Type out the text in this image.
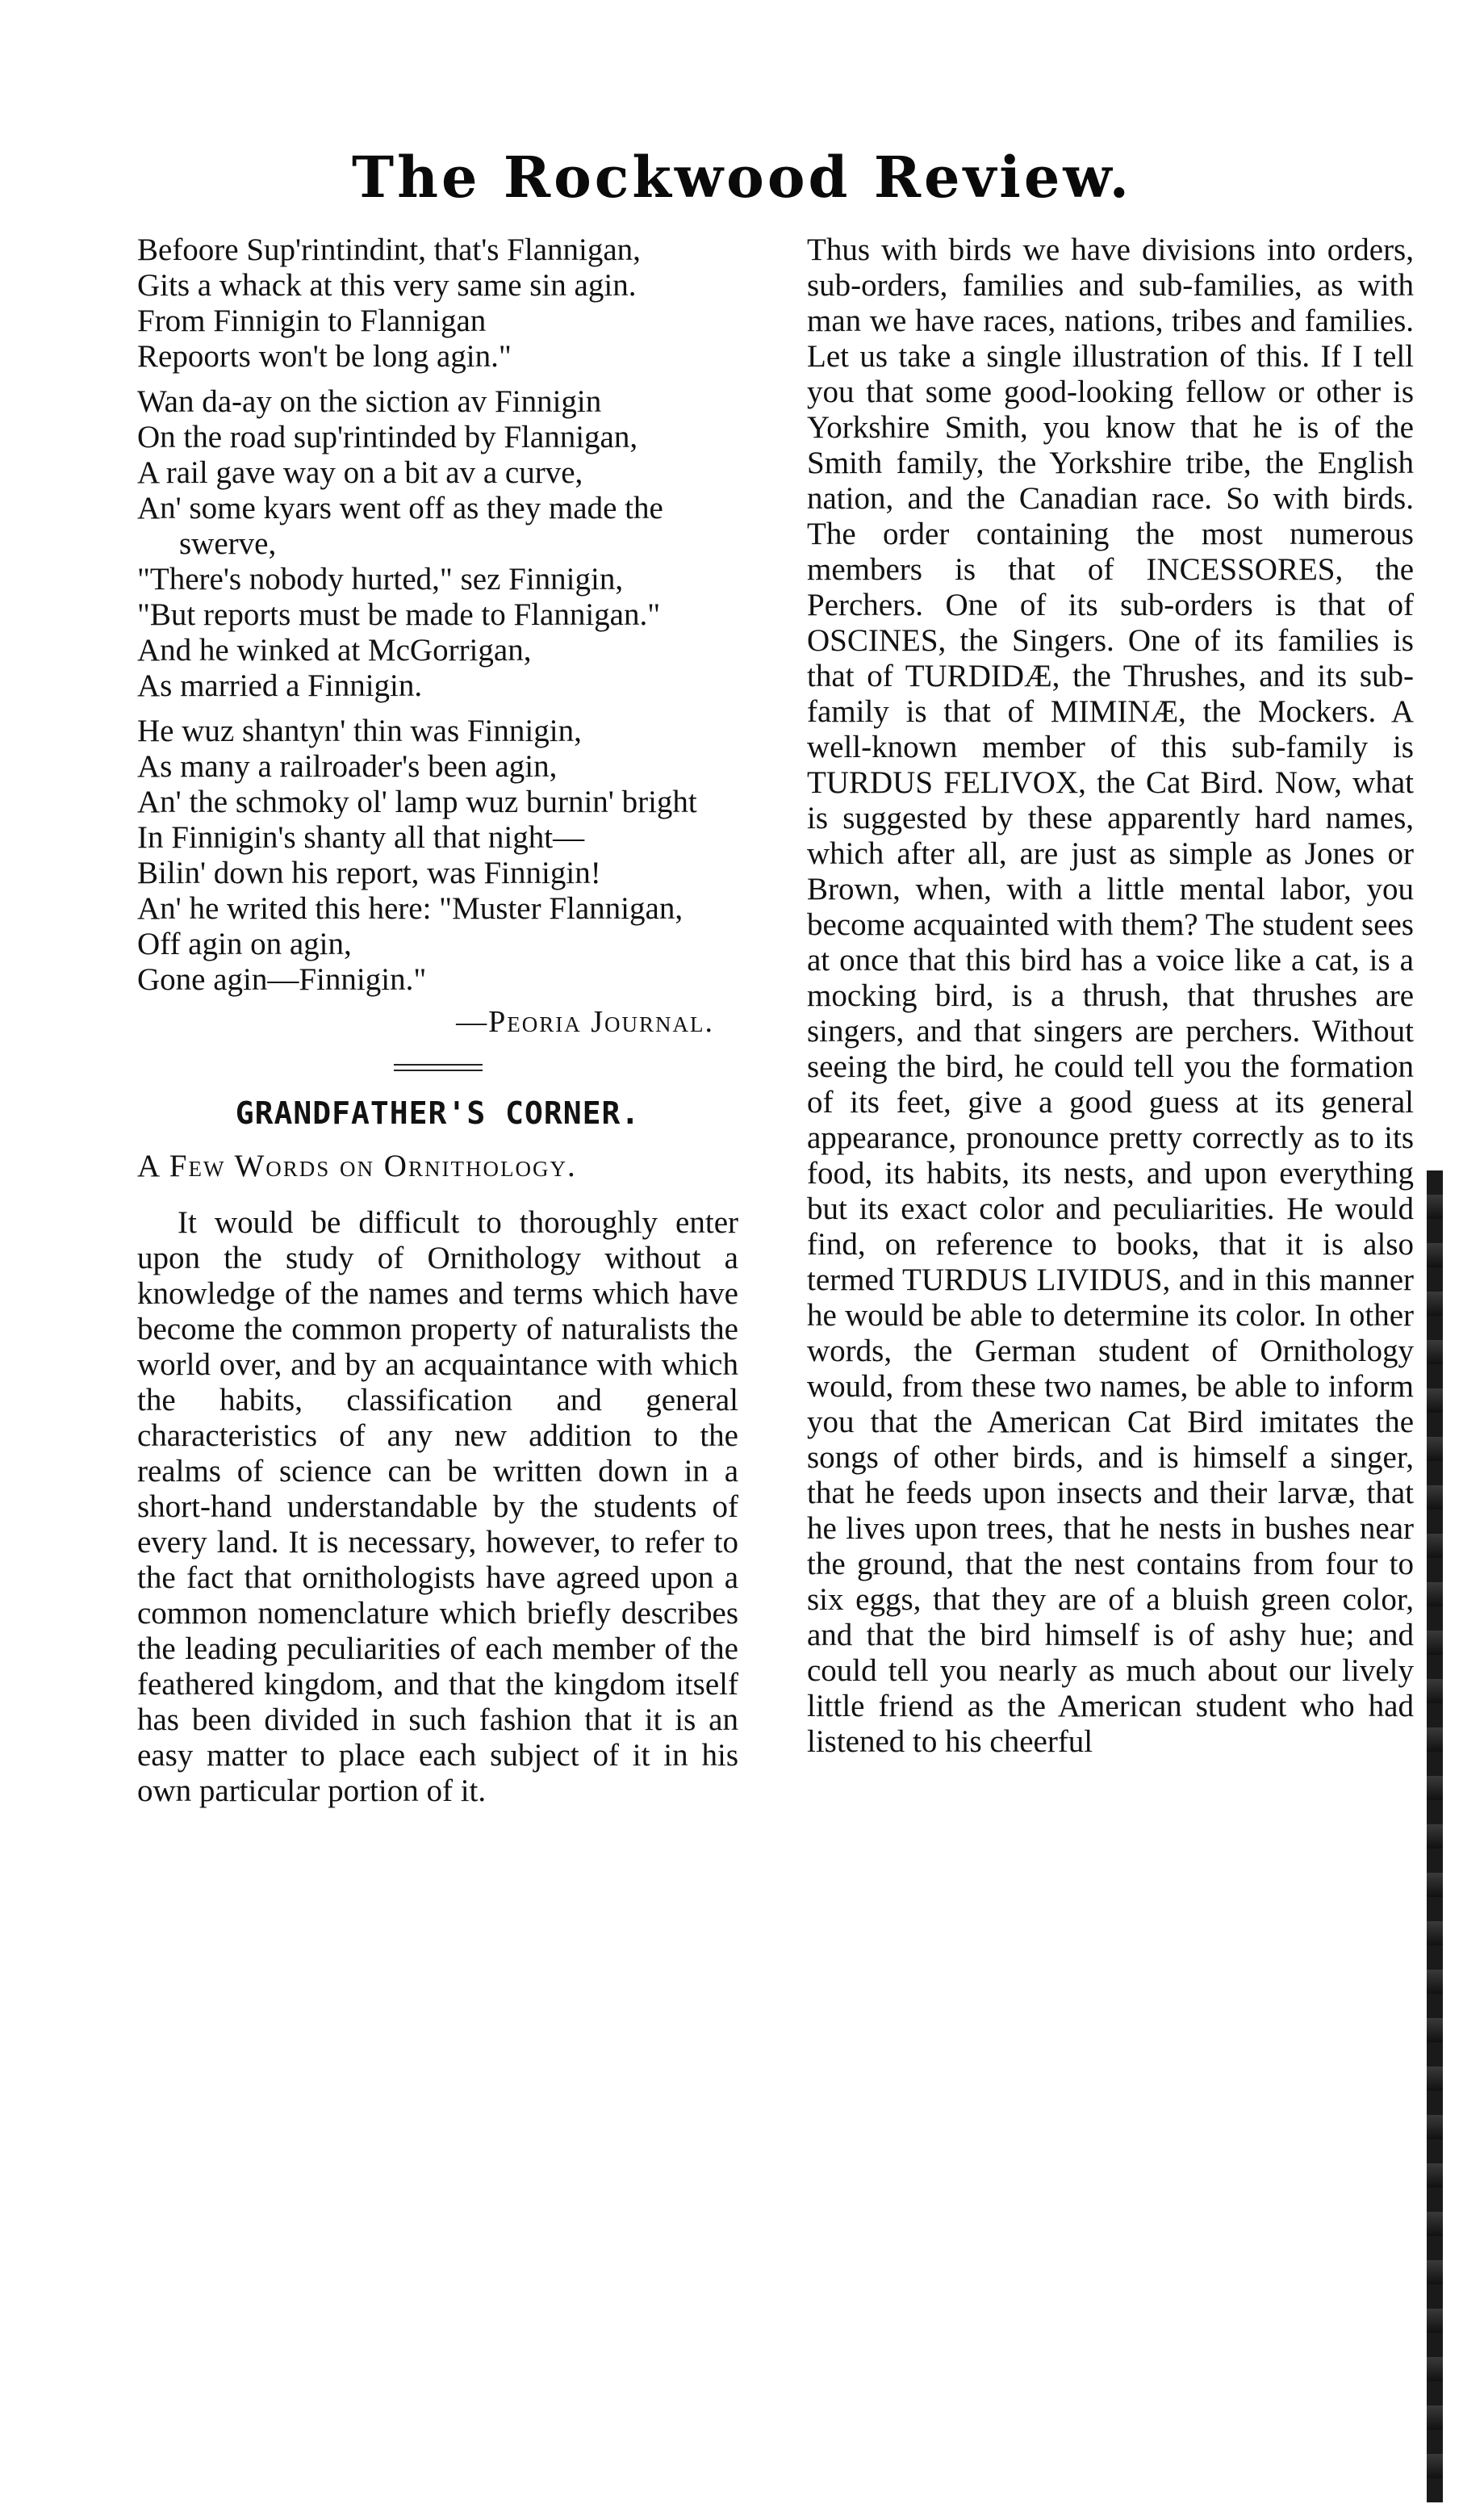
The Rockwood Review.

Befoore Sup'rintindint, that's Flannigan,

Gits a whack at this very same sin agin.

From Finnigin to Flannigan

Repoorts won't be long agin."

Wan da-ay on the siction av Finnigin

On the road sup'rintinded by Flannigan,

A rail gave way on a bit av a curve,

An' some kyars went off as they made the swerve,

"There's nobody hurted," sez Finnigin,

"But reports must be made to Flannigan."

And he winked at McGorrigan,

As married a Finnigin.

He wuz shantyn' thin was Finnigin,

As many a railroader's been agin,

An' the schmoky ol' lamp wuz burnin' bright

In Finnigin's shanty all that night—

Bilin' down his report, was Finnigin!

An' he writed this here: "Muster Flannigan,

Off agin on agin,

Gone agin—Finnigin."

—Peoria Journal.

GRANDFATHER'S CORNER.

A Few Words on Ornithology.

It would be difficult to thoroughly enter upon the study of Ornithology without a knowledge of the names and terms which have become the common property of naturalists the world over, and by an acquaintance with which the habits, classification and general characteristics of any new addition to the realms of science can be written down in a short-hand understandable by the students of every land. It is necessary, however, to refer to the fact that ornithologists have agreed upon a common nomenclature which briefly describes the leading peculiarities of each member of the feathered kingdom, and that the kingdom itself has been divided in such fashion that it is an easy matter to place each subject of it in his own particular portion of it.

Thus with birds we have divisions into orders, sub-orders, families and sub-families, as with man we have races, nations, tribes and families. Let us take a single illustration of this. If I tell you that some good-looking fellow or other is Yorkshire Smith, you know that he is of the Smith family, the Yorkshire tribe, the English nation, and the Canadian race. So with birds. The order containing the most numerous members is that of INCESSORES, the Perchers. One of its sub-orders is that of OSCINES, the Singers. One of its families is that of TURDIDÆ, the Thrushes, and its sub-family is that of MIMINÆ, the Mockers. A well-known member of this sub-family is TURDUS FELIVOX, the Cat Bird. Now, what is suggested by these apparently hard names, which after all, are just as simple as Jones or Brown, when, with a little mental labor, you become acquainted with them? The student sees at once that this bird has a voice like a cat, is a mocking bird, is a thrush, that thrushes are singers, and that singers are perchers. Without seeing the bird, he could tell you the formation of its feet, give a good guess at its general appearance, pronounce pretty correctly as to its food, its habits, its nests, and upon everything but its exact color and peculiarities. He would find, on reference to books, that it is also termed TURDUS LIVIDUS, and in this manner he would be able to determine its color. In other words, the German student of Ornithology would, from these two names, be able to inform you that the American Cat Bird imitates the songs of other birds, and is himself a singer, that he feeds upon insects and their larvæ, that he lives upon trees, that he nests in bushes near the ground, that the nest contains from four to six eggs, that they are of a bluish green color, and that the bird himself is of ashy hue; and could tell you nearly as much about our lively little friend as the American student who had listened to his cheerful
